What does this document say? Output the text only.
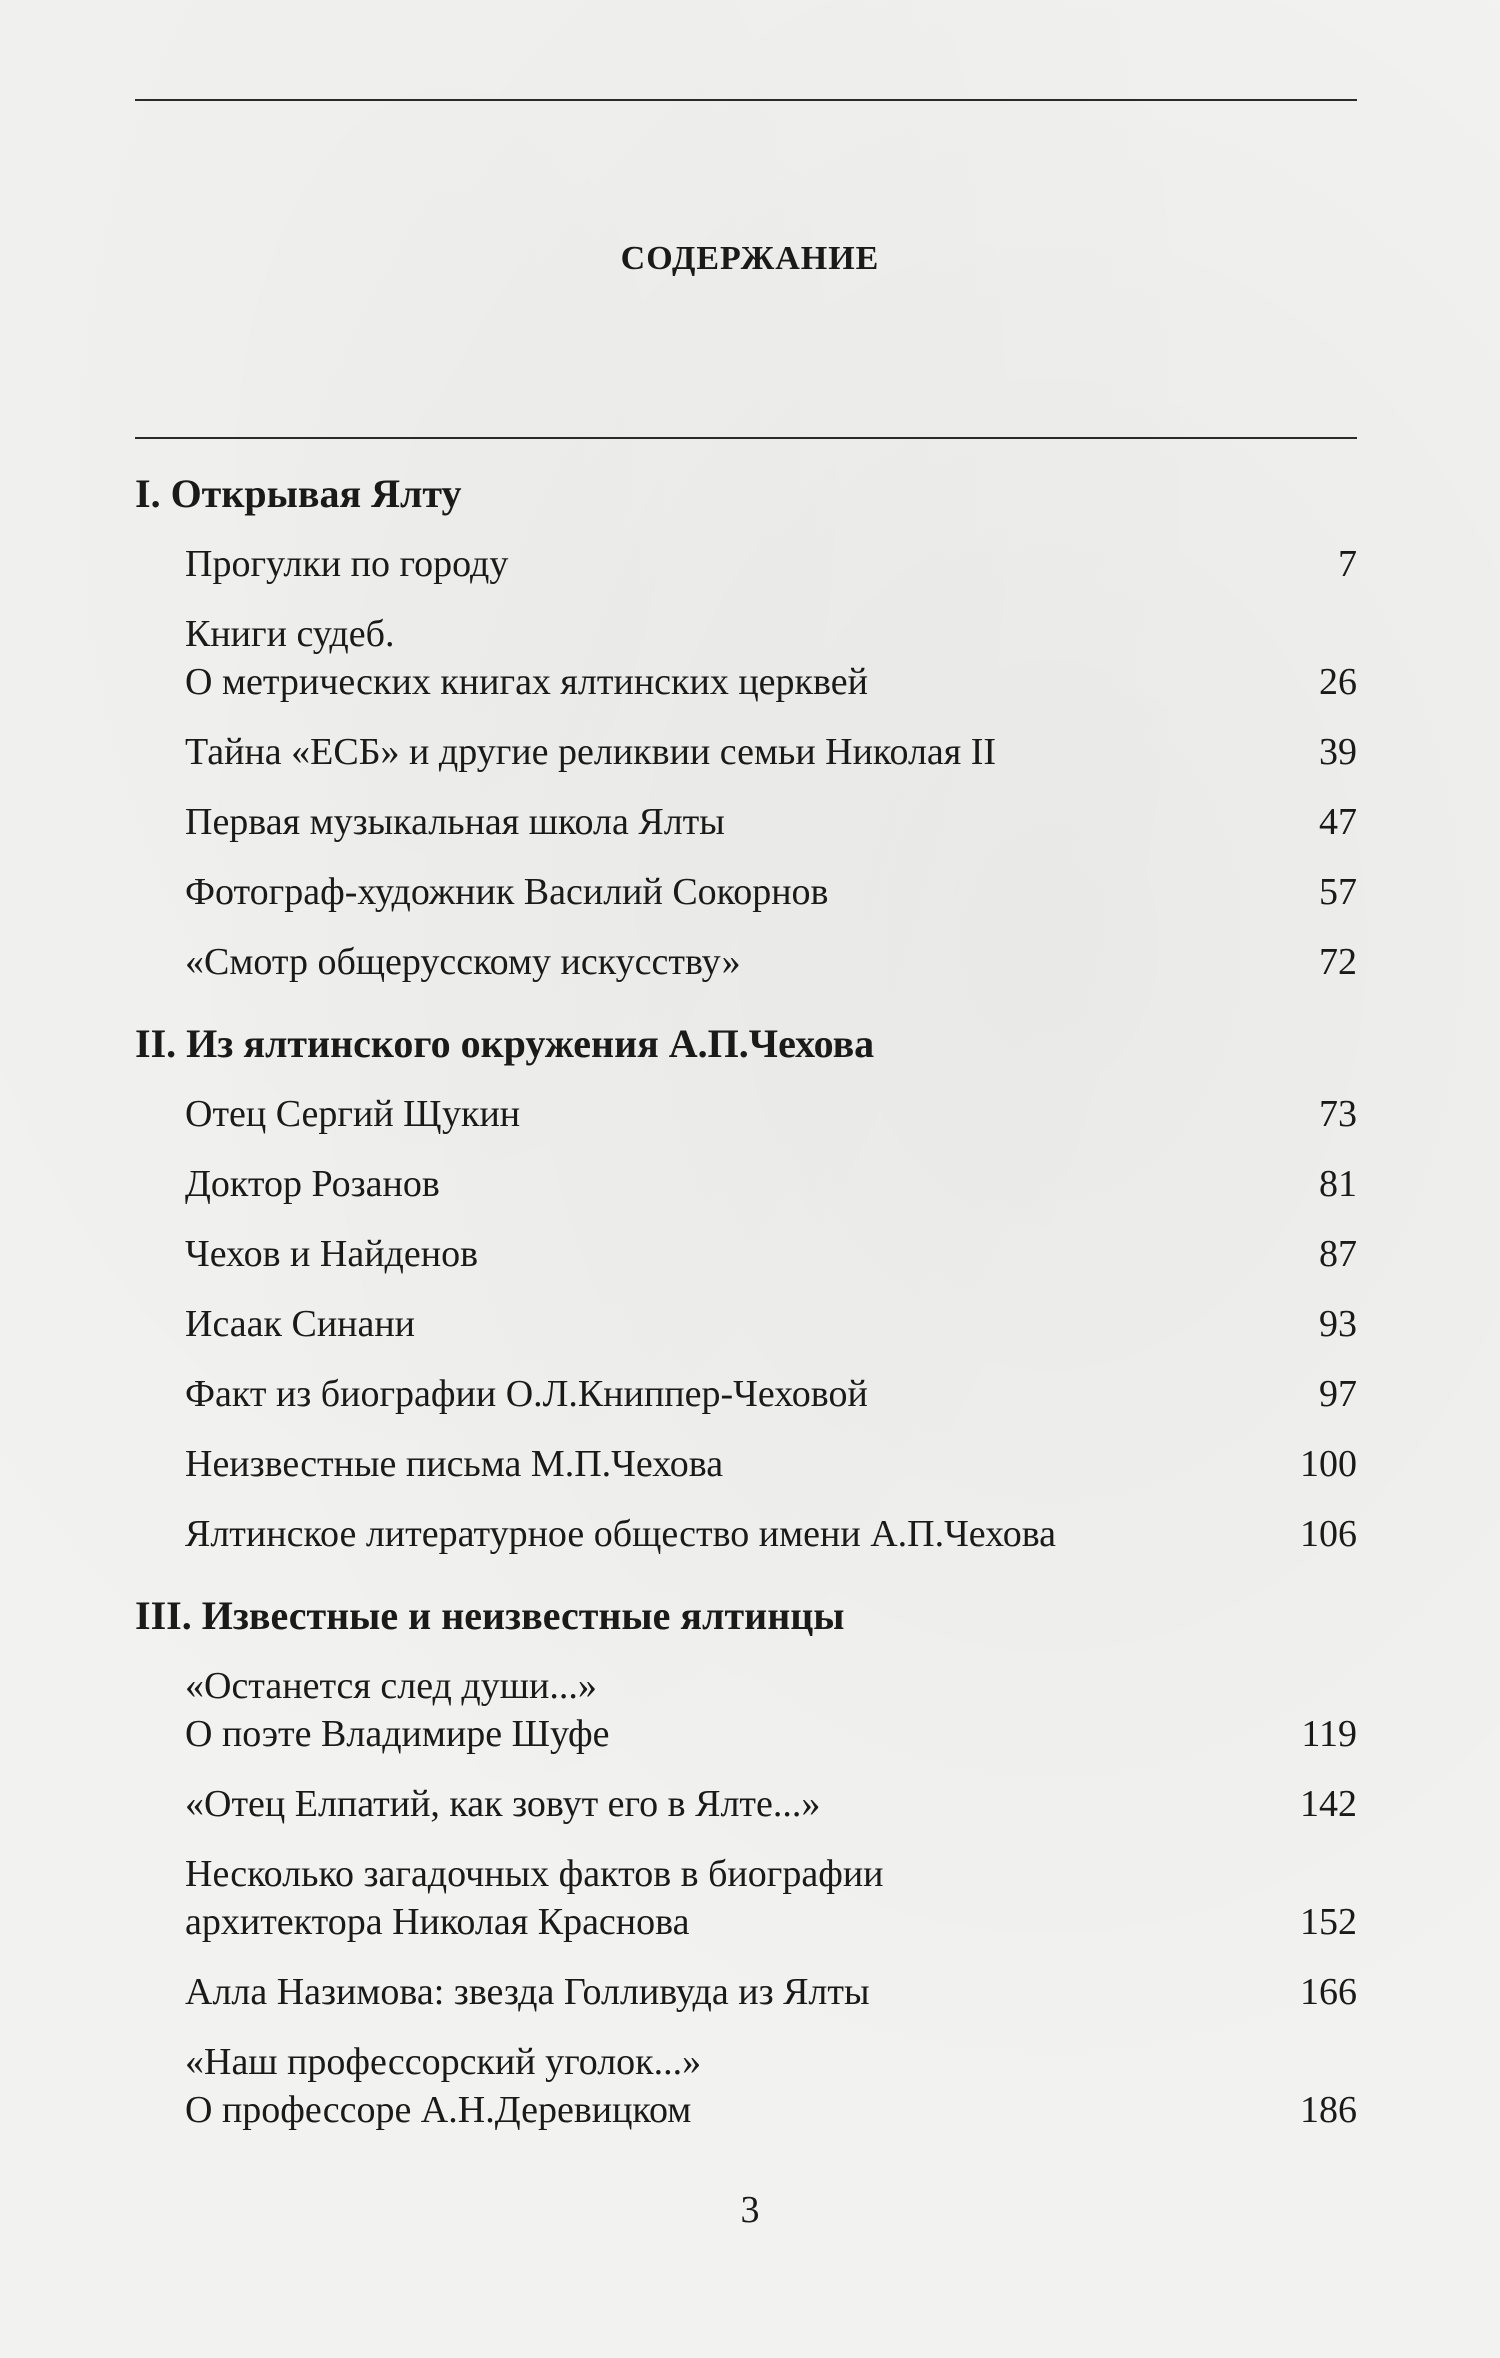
СОДЕРЖАНИЕ
I. Открывая Ялту
Прогулки по городу	7
Книги судеб.
О метрических книгах ялтинских церквей	26
Тайна «ЕСБ» и другие реликвии семьи Николая II	39
Первая музыкальная школа Ялты	47
Фотограф-художник Василий Сокорнов	57
«Смотр общерусскому искусству»	72
II. Из ялтинского окружения А.П.Чехова
Отец Сергий Щукин	73
Доктор Розанов	81
Чехов и Найденов	87
Исаак Синани	93
Факт из биографии О.Л.Книппер-Чеховой	97
Неизвестные письма М.П.Чехова	100
Ялтинское литературное общество имени А.П.Чехова	106
III. Известные и неизвестные ялтинцы
«Останется след души...»
О поэте Владимире Шуфе	119
«Отец Елпатий, как зовут его в Ялте...»	142
Несколько загадочных фактов в биографии
архитектора Николая Краснова	152
Алла Назимова: звезда Голливуда из Ялты	166
«Наш профессорский уголок...»
О профессоре А.Н.Деревицком	186
3
